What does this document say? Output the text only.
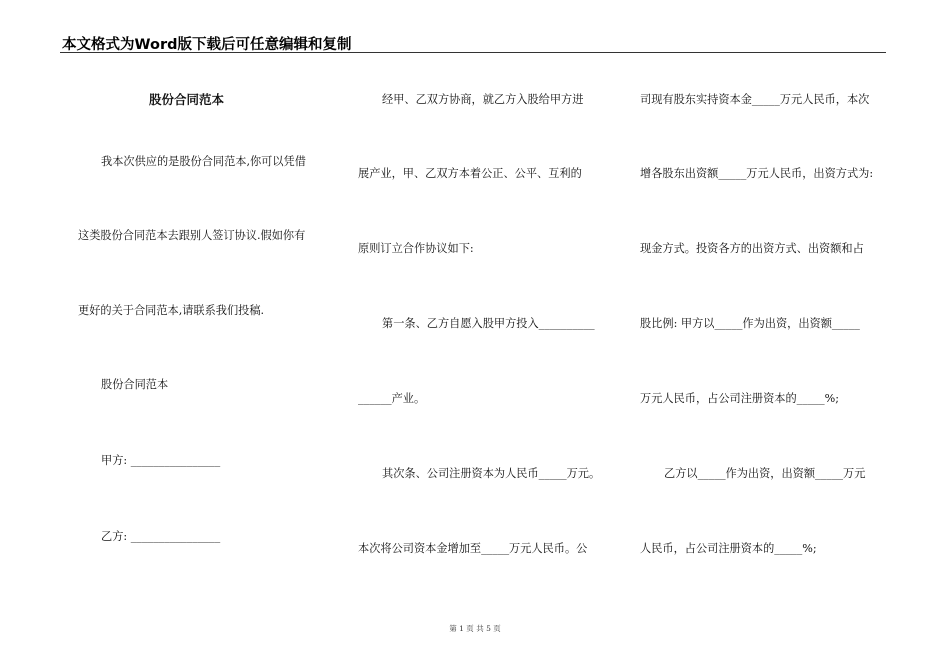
本文格式为Word版下载后可任意编辑和复制
股份合同范本
我本次供应的是股份合同范本,你可以凭借
这类股份合同范本去跟别人签订协议.假如你有
更好的关于合同范本,请联系我们投稿.
股份合同范本
甲方: ________________
乙方: ________________
经甲、乙双方协商，就乙方入股给甲方进
展产业，甲、乙双方本着公正、公平、互利的
原则订立合作协议如下:
第一条、乙方自愿入股甲方投入__________
______产业。
其次条、公司注册资本为人民币_____万元。
本次将公司资本金增加至_____万元人民币。公
司现有股东实持资本金_____万元人民币，本次
增各股东出资额_____万元人民币，出资方式为:
现金方式。投资各方的出资方式、出资额和占
股比例: 甲方以_____作为出资，出资额_____
万元人民币，占公司注册资本的_____%;
乙方以_____作为出资，出资额_____万元
人民币，占公司注册资本的_____%;
第 1 页 共 5 页
